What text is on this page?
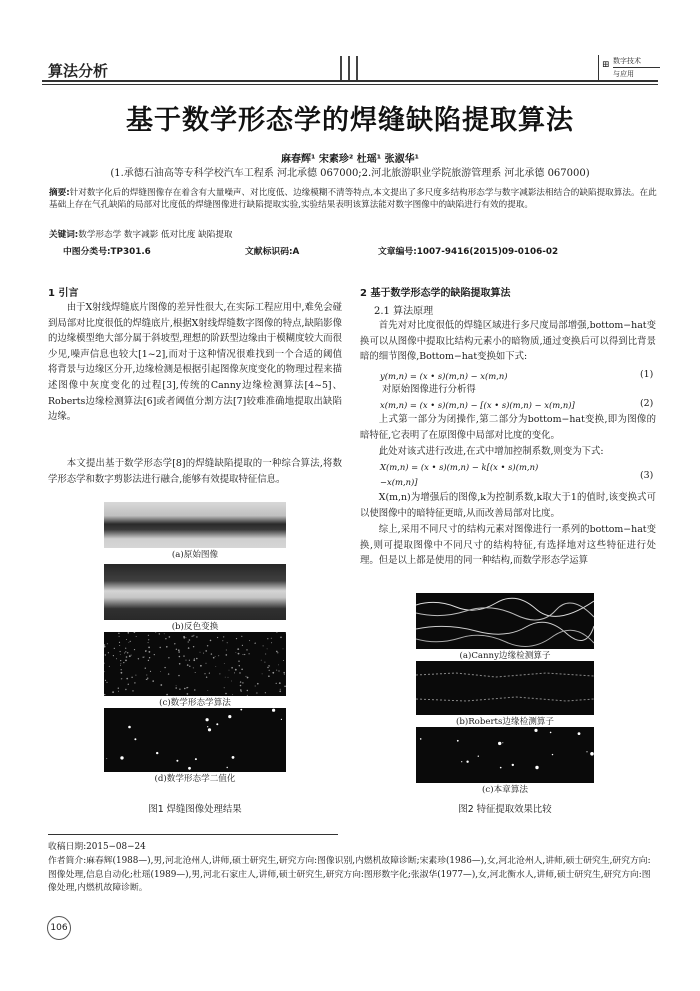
算法分析	⊞ 数字技术
与应用
基于数学形态学的焊缝缺陷提取算法
麻春辉¹ 宋素珍² 杜瑶¹ 张淑华¹
(1.承德石油高等专科学校汽车工程系 河北承德 067000;2.河北旅游职业学院旅游管理系 河北承德 067000)
摘要:针对数字化后的焊缝图像存在着含有大量噪声、对比度低、边缘模糊不清等特点,本文提出了多尺度多结构形态学与数字减影法相结合的缺陷提取算法。在此基础上存在气孔缺陷的局部对比度低的焊缝图像进行缺陷提取实验,实验结果表明该算法能对数字图像中的缺陷进行有效的提取。
关键词:数学形态学 数字减影 低对比度 缺陷提取
中图分类号:TP301.6	文献标识码:A	文章编号:1007-9416(2015)09-0106-02
1 引言
由于X射线焊缝底片图像的差异性很大,在实际工程应用中,难免会碰到局部对比度很低的焊缝底片,根据X射线焊缝数字图像的特点,缺陷影像的边缘模型绝大部分属于斜坡型,理想的阶跃型边缘由于模糊度较大而很少见,噪声信息也较大[1~2],而对于这种情况很难找到一个合适的阈值将背景与边缘区分开,边缘检测是根据引起图像灰度变化的物理过程来描述图像中灰度变化的过程[3],传统的Canny边缘检测算法[4~5]、Roberts边缘检测算法[6]或者阈值分割方法[7]较难准确地提取出缺陷边缘。
本文提出基于数学形态学[8]的焊缝缺陷提取的一种综合算法,将数学形态学和数字剪影法进行融合,能够有效提取特征信息。
(a)原始图像
(b)反色变换
(c)数学形态学算法
(d)数学形态学二值化
图1 焊缝图像处理结果
2 基于数学形态学的缺陷提取算法
2.1 算法原理
首先对对比度很低的焊缝区域进行多尺度局部增强,bottom−hat变换可以从图像中提取比结构元素小的暗物质,通过变换后可以得到比背景暗的细节图像,Bottom−hat变换如下式:
y(m,n) = (x • s)(m,n) − x(m,n)	(1)
对原始图像进行分析得
x(m,n) = (x • s)(m,n) − [(x • s)(m,n) − x(m,n)]	(2)
上式第一部分为闭操作,第二部分为bottom−hat变换,即为图像的暗特征,它表明了在原图像中局部对比度的变化。
此处对该式进行改进,在式中增加控制系数,则变为下式:
X(m,n) = (x • s)(m,n) − k[(x • s)(m,n)
−x(m,n)]
(3)
X(m,n)为增强后的图像,k为控制系数,k取大于1的值时,该变换式可以使图像中的暗特征更暗,从而改善局部对比度。
综上,采用不同尺寸的结构元素对图像进行一系列的bottom−hat变换,则可提取图像中不同尺寸的结构特征,有选择地对这些特征进行处理。但是以上都是使用的同一种结构,而数学形态学运算
(a)Canny边缘检测算子
(b)Roberts边缘检测算子
(c)本章算法
图2 特征提取效果比较
收稿日期:2015−08−24
作者简介:麻春辉(1988—),男,河北沧州人,讲师,硕士研究生,研究方向:图像识别,内燃机故障诊断;宋素珍(1986—),女,河北沧州人,讲师,硕士研究生,研究方向:图像处理,信息自动化;杜瑶(1989—),男,河北石家庄人,讲师,硕士研究生,研究方向:图形数字化;张淑华(1977—),女,河北衡水人,讲师,硕士研究生,研究方向:图像处理,内燃机故障诊断。
106
